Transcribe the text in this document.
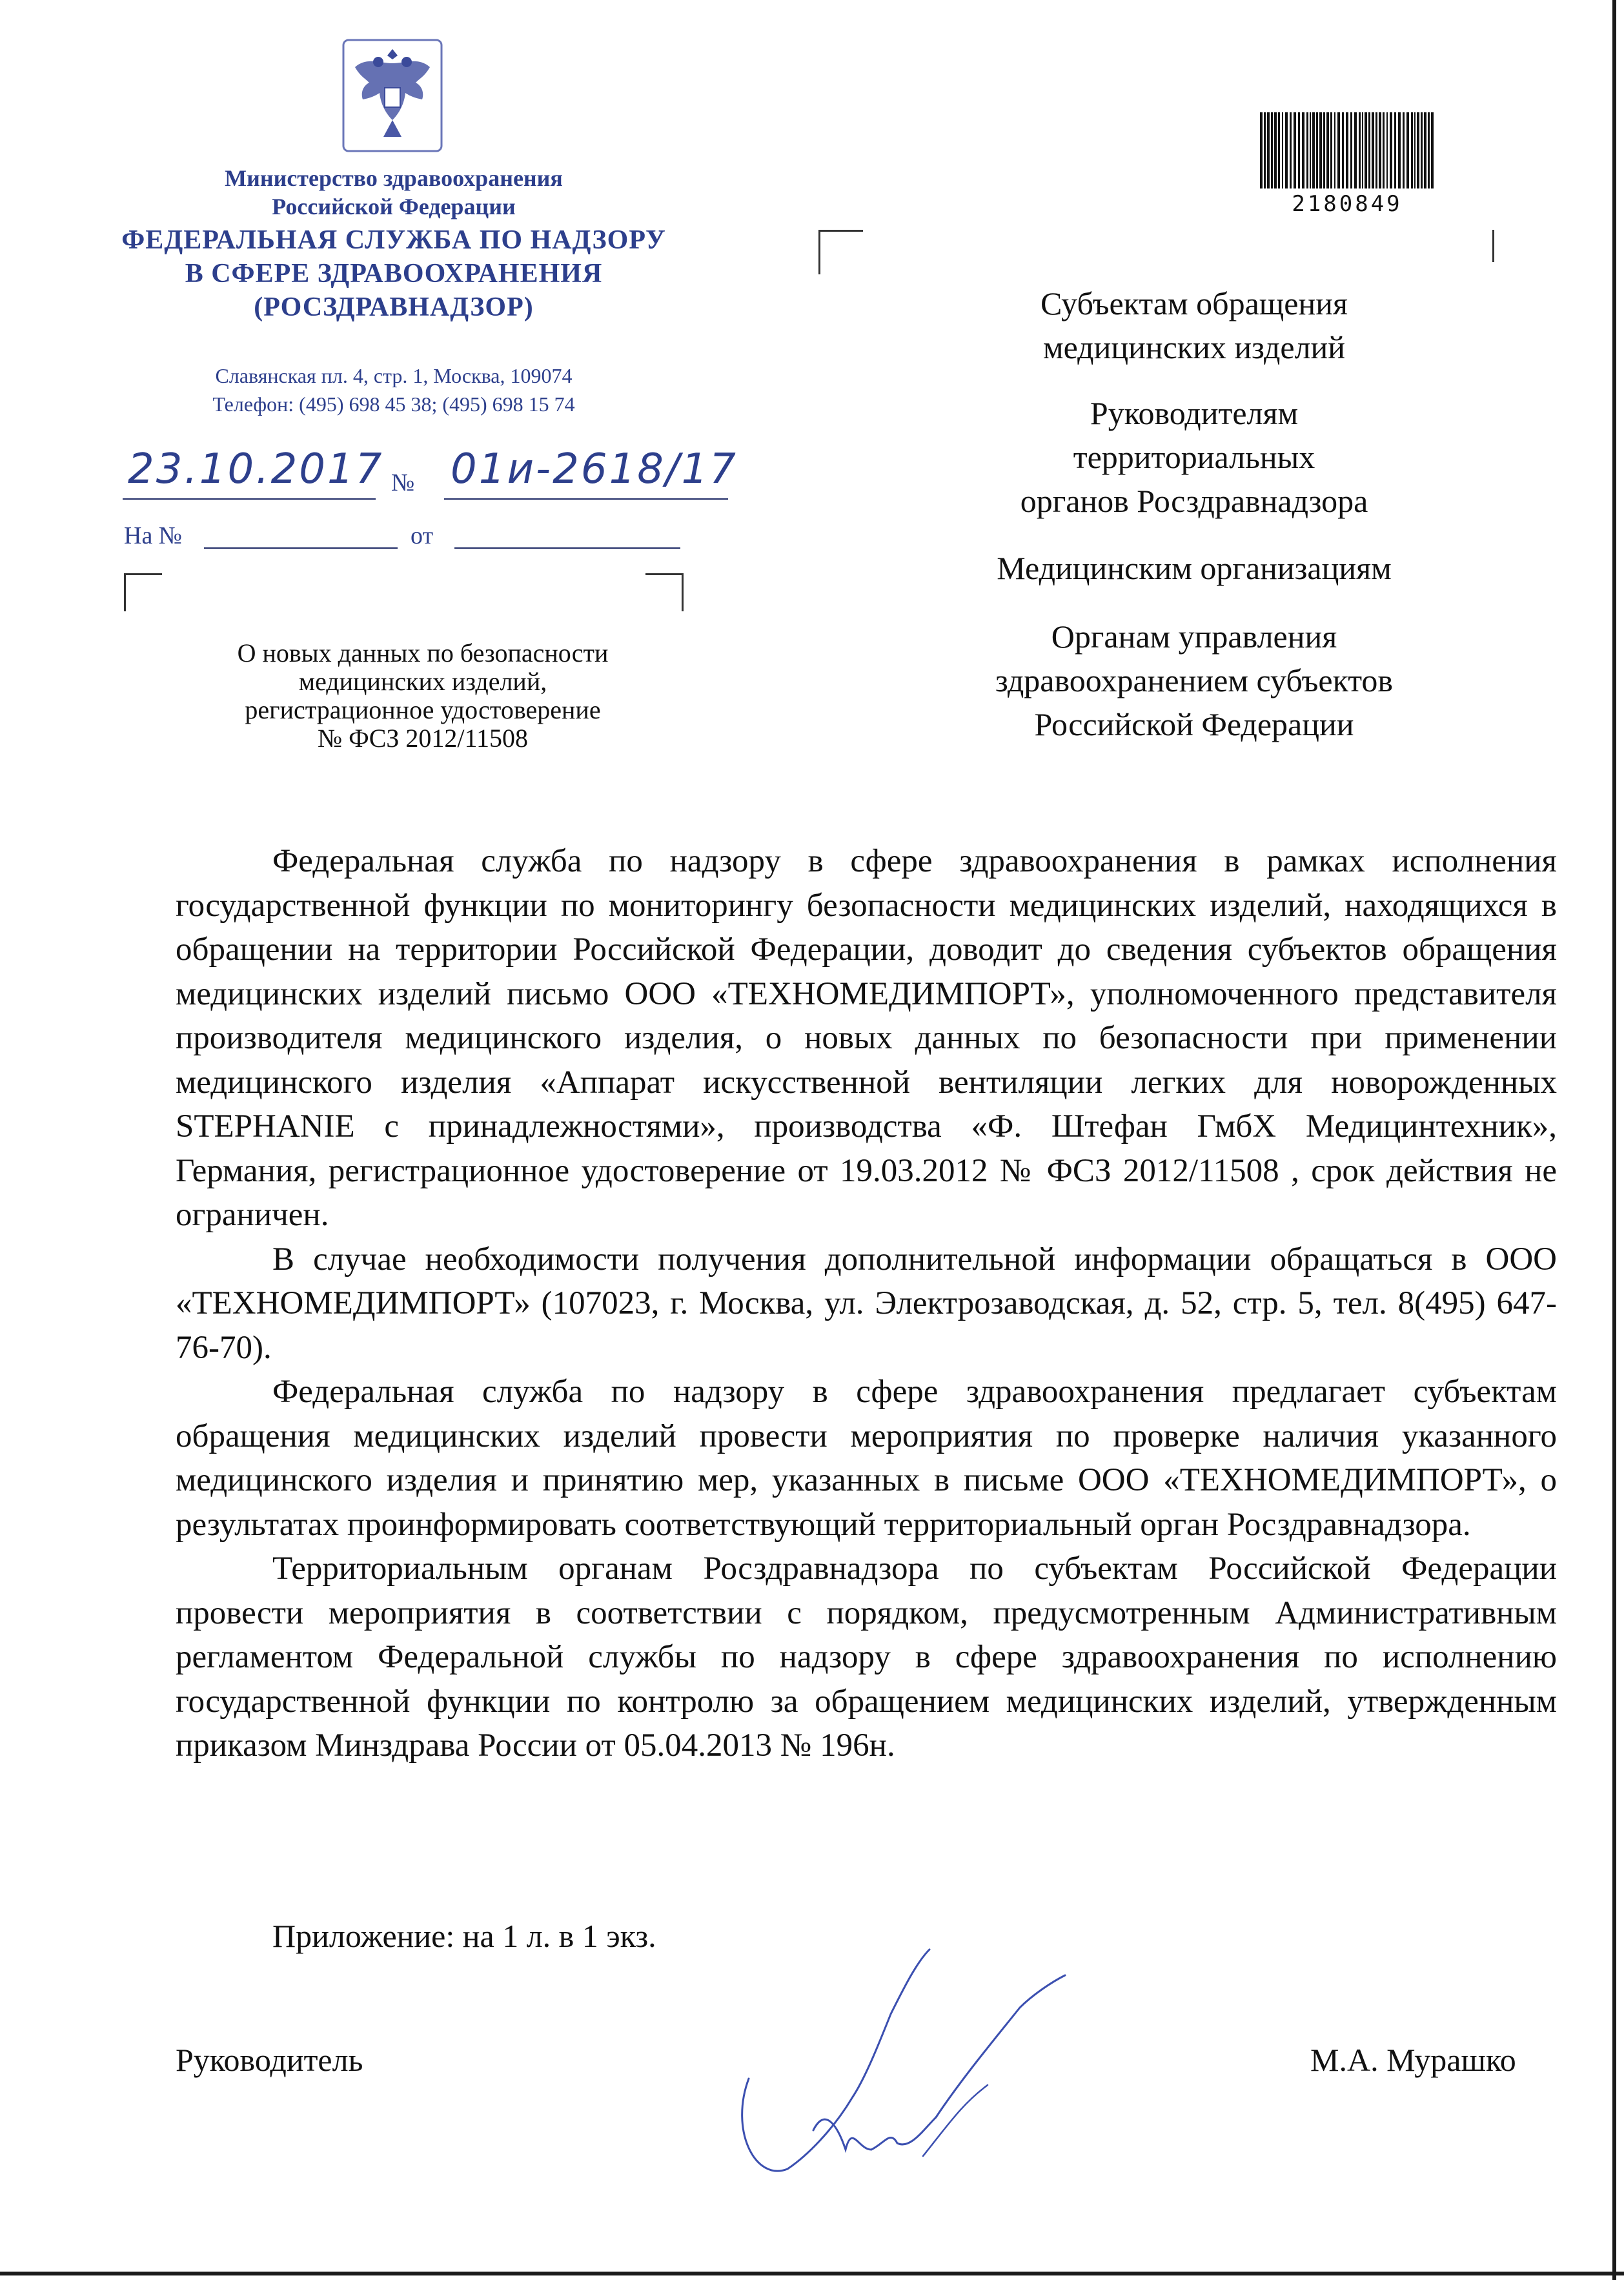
Министерство здравоохранения
Российской Федерации
ФЕДЕРАЛЬНАЯ СЛУЖБА ПО НАДЗОРУ
В СФЕРЕ ЗДРАВООХРАНЕНИЯ
(РОСЗДРАВНАДЗОР)
Славянская пл. 4, стр. 1, Москва, 109074
Телефон: (495) 698 45 38; (495) 698 15 74
23.10.2017 № 01и-2618/17
На №	от
О новых данных по безопасности
медицинских изделий,
регистрационное удостоверение
№ ФСЗ 2012/11508
2180849
Субъектам обращения
медицинских изделий
Руководителям
территориальных
органов Росздравнадзора
Медицинским организациям
Органам управления
здравоохранением субъектов
Российской Федерации

Федеральная служба по надзору в сфере здравоохранения в рамках исполнения государственной функции по мониторингу безопасности медицинских изделий, находящихся в обращении на территории Российской Федерации, доводит до сведения субъектов обращения медицинских изделий письмо ООО «ТЕХНОМЕДИМПОРТ», уполномоченного представителя производителя медицинского изделия, о новых данных по безопасности при применении медицинского изделия «Аппарат искусственной вентиляции легких для новорожденных STEPHANIE с принадлежностями», производства «Ф. Штефан ГмбХ Медицинтехник», Германия, регистрационное удостоверение от 19.03.2012 № ФСЗ 2012/11508 , срок действия не ограничен.

В случае необходимости получения дополнительной информации обращаться в ООО «ТЕХНОМЕДИМПОРТ» (107023, г. Москва, ул. Электрозаводская, д. 52, стр. 5, тел. 8(495) 647-76-70).

Федеральная служба по надзору в сфере здравоохранения предлагает субъектам обращения медицинских изделий провести мероприятия по проверке наличия указанного медицинского изделия и принятию мер, указанных в письме ООО «ТЕХНОМЕДИМПОРТ», о результатах проинформировать соответствующий территориальный орган Росздравнадзора.

Территориальным органам Росздравнадзора по субъектам Российской Федерации провести мероприятия в соответствии с порядком, предусмотренным Административным регламентом Федеральной службы по надзору в сфере здравоохранения по исполнению государственной функции по контролю за обращением медицинских изделий, утвержденным приказом Минздрава России от 05.04.2013 № 196н.

Приложение: на 1 л. в 1 экз.
Руководитель	М.А. Мурашко
